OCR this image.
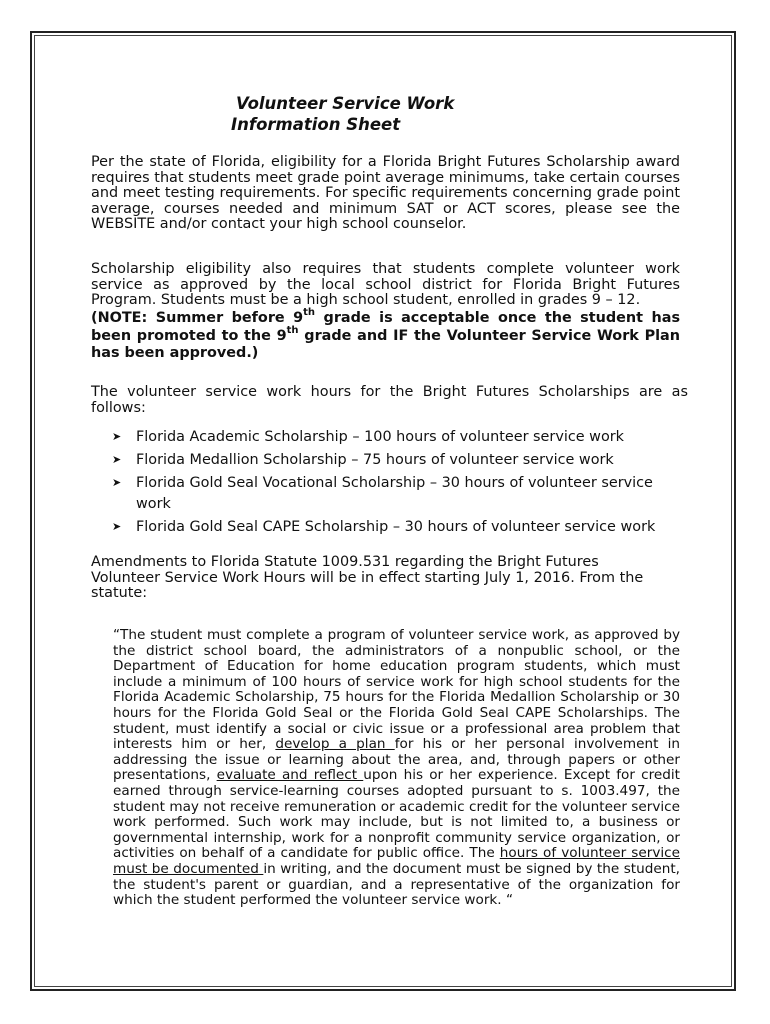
Volunteer Service Work
Information Sheet
Per the state of Florida, eligibility for a Florida Bright Futures Scholarship award requires that students meet grade point average minimums, take certain courses and meet testing requirements. For specific requirements concerning grade point average, courses needed and minimum SAT or ACT scores, please see the WEBSITE and/or contact your high school counselor.
Scholarship eligibility also requires that students complete volunteer work service as approved by the local school district for Florida Bright Futures Program. Students must be a high school student, enrolled in grades 9 – 12.
(NOTE: Summer before 9th grade is acceptable once the student has been promoted to the 9th grade and IF the Volunteer Service Work Plan has been approved.)
The volunteer service work hours for the Bright Futures Scholarships are as follows:
➤ Florida Academic Scholarship – 100 hours of volunteer service work
➤ Florida Medallion Scholarship – 75 hours of volunteer service work
➤ Florida Gold Seal Vocational Scholarship – 30 hours of volunteer service work
➤ Florida Gold Seal CAPE Scholarship – 30 hours of volunteer service work
Amendments to Florida Statute 1009.531 regarding the Bright Futures Volunteer Service Work Hours will be in effect starting July 1, 2016. From the statute:
“The student must complete a program of volunteer service work, as approved by the district school board, the administrators of a nonpublic school, or the Department of Education for home education program students, which must include a minimum of 100 hours of service work for high school students for the Florida Academic Scholarship, 75 hours for the Florida Medallion Scholarship or 30 hours for the Florida Gold Seal or the Florida Gold Seal CAPE Scholarships. The student, must identify a social or civic issue or a professional area problem that interests him or her, develop a plan for his or her personal involvement in addressing the issue or learning about the area, and, through papers or other presentations, evaluate and reflect upon his or her experience. Except for credit earned through service-learning courses adopted pursuant to s. 1003.497, the student may not receive remuneration or academic credit for the volunteer service work performed. Such work may include, but is not limited to, a business or governmental internship, work for a nonprofit community service organization, or activities on behalf of a candidate for public office. The hours of volunteer service must be documented in writing, and the document must be signed by the student, the student's parent or guardian, and a representative of the organization for which the student performed the volunteer service work. “
